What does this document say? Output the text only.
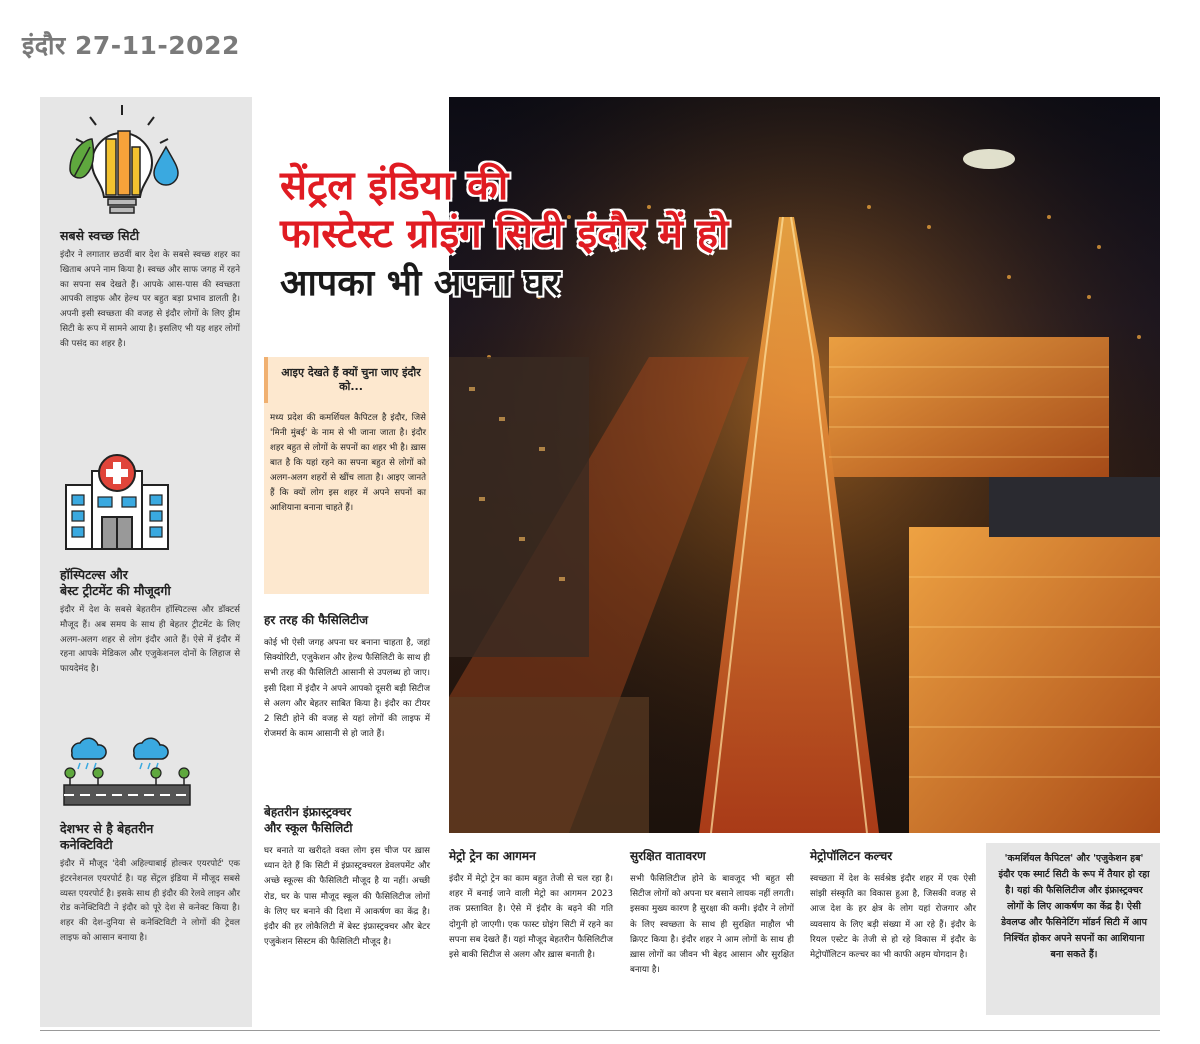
इंदौर 27-11-2022
सबसे स्वच्छ सिटी
इंदौर ने लगातार छठवीं बार देश के सबसे स्वच्छ शहर का खिताब अपने नाम किया है। स्वच्छ और साफ जगह में रहने का सपना सब देखते हैं। आपके आस-पास की स्वच्छता आपकी लाइफ और हेल्थ पर बहुत बड़ा प्रभाव डालती है। अपनी इसी स्वच्छता की वजह से इंदौर लोगों के लिए ड्रीम सिटी के रूप में सामने आया है। इसलिए भी यह शहर लोगों की पसंद का शहर है।
हॉस्पिटल्स और
बेस्ट ट्रीटमेंट की मौजूदगी
इंदौर में देश के सबसे बेहतरीन हॉस्पिटल्स और डॉक्टर्स मौजूद हैं। अब समय के साथ ही बेहतर ट्रीटमेंट के लिए अलग-अलग शहर से लोग इंदौर आते हैं। ऐसे में इंदौर में रहना आपके मेडिकल और एजुकेशनल दोनों के लिहाज से फायदेमंद है।
देशभर से है बेहतरीन
कनेक्टिविटी
इंदौर में मौजूद 'देवी अहिल्याबाई होल्कर एयरपोर्ट' एक इंटरनेशनल एयरपोर्ट है। यह सेंट्रल इंडिया में मौजूद सबसे व्यस्त एयरपोर्ट है। इसके साथ ही इंदौर की रेलवे लाइन और रोड कनेक्टिविटी ने इंदौर को पूरे देश से कनेक्ट किया है। शहर की देश-दुनिया से कनेक्टिविटी ने लोगों की ट्रेवल लाइफ को आसान बनाया है।
सेंट्रल इंडिया की
फास्टेस्ट ग्रोइंग सिटी इंदौर में हो
आपका भी अपना घर
आइए देखते हैं क्यों चुना जाए इंदौर को...
मध्य प्रदेश की कमर्शियल कैपिटल है इंदौर, जिसे 'मिनी मुंबई' के नाम से भी जाना जाता है। इंदौर शहर बहुत से लोगों के सपनों का शहर भी है। ख़ास बात है कि यहां रहने का सपना बहुत से लोगों को अलग-अलग शहरों से खींच लाता है। आइए जानते हैं कि क्यों लोग इस शहर में अपने सपनों का आशियाना बनाना चाहते हैं।
हर तरह की फैसिलिटीज
कोई भी ऐसी जगह अपना घर बनाना चाहता है, जहां सिक्योरिटी, एजुकेशन और हेल्थ फैसिलिटी के साथ ही सभी तरह की फैसिलिटी आसानी से उपलब्ध हो जाए। इसी दिशा में इंदौर ने अपने आपको दूसरी बड़ी सिटीज से अलग और बेहतर साबित किया है। इंदौर का टीयर 2 सिटी होने की वजह से यहां लोगों की लाइफ में रोजमर्रा के काम आसानी से हो जाते हैं।
बेहतरीन इंफ्रास्ट्रक्चर
और स्कूल फैसिलिटी
घर बनाते या खरीदते वक्त लोग इस चीज पर ख़ास ध्यान देते हैं कि सिटी में इंफ्रास्ट्रक्चरल डेवलपमेंट और अच्छे स्कूल्स की फैसिलिटी मौजूद है या नहीं। अच्छी रोड, घर के पास मौजूद स्कूल की फैसिलिटीज लोगों के लिए घर बनाने की दिशा में आकर्षण का केंद्र है। इंदौर की हर लोकैलिटी में बेस्ट इंफ्रास्ट्रक्चर और बेटर एजुकेशन सिस्टम की फैसिलिटी मौजूद है।
मेट्रो ट्रेन का आगमन
इंदौर में मेट्रो ट्रेन का काम बहुत तेजी से चल रहा है। शहर में बनाई जाने वाली मेट्रो का आगमन 2023 तक प्रस्तावित है। ऐसे में इंदौर के बढ़ने की गति दोगुनी हो जाएगी। एक फास्ट ग्रोइंग सिटी में रहने का सपना सब देखते हैं। यहां मौजूद बेहतरीन फैसिलिटीज इसे बाकी सिटीज से अलग और ख़ास बनाती है।
सुरक्षित वातावरण
सभी फैसिलिटीज होने के बावजूद भी बहुत सी सिटीज लोगों को अपना घर बसाने लायक नहीं लगती। इसका मुख्य कारण है सुरक्षा की कमी। इंदौर ने लोगों के लिए स्वच्छता के साथ ही सुरक्षित माहौल भी क्रिएट किया है। इंदौर शहर ने आम लोगों के साथ ही ख़ास लोगों का जीवन भी बेहद आसान और सुरक्षित बनाया है।
मेट्रोपॉलिटन कल्चर
स्वच्छता में देश के सर्वश्रेष्ठ इंदौर शहर में एक ऐसी सांझी संस्कृति का विकास हुआ है, जिसकी वजह से आज देश के हर क्षेत्र के लोग यहां रोजगार और व्यवसाय के लिए बड़ी संख्या में आ रहे हैं। इंदौर के रियल एस्टेट के तेजी से हो रहे विकास में इंदौर के मेट्रोपॉलिटन कल्चर का भी काफी अहम योगदान है।
'कमर्शियल कैपिटल' और 'एजुकेशन हब' इंदौर एक स्मार्ट सिटी के रूप में तैयार हो रहा है। यहां की फैसिलिटीज और इंफ्रास्ट्रक्चर लोगों के लिए आकर्षण का केंद्र है। ऐसी डेवलप्ड और फैसिनेटिंग मॉडर्न सिटी में आप निश्चिंत होकर अपने सपनों का आशियाना बना सकते हैं।
